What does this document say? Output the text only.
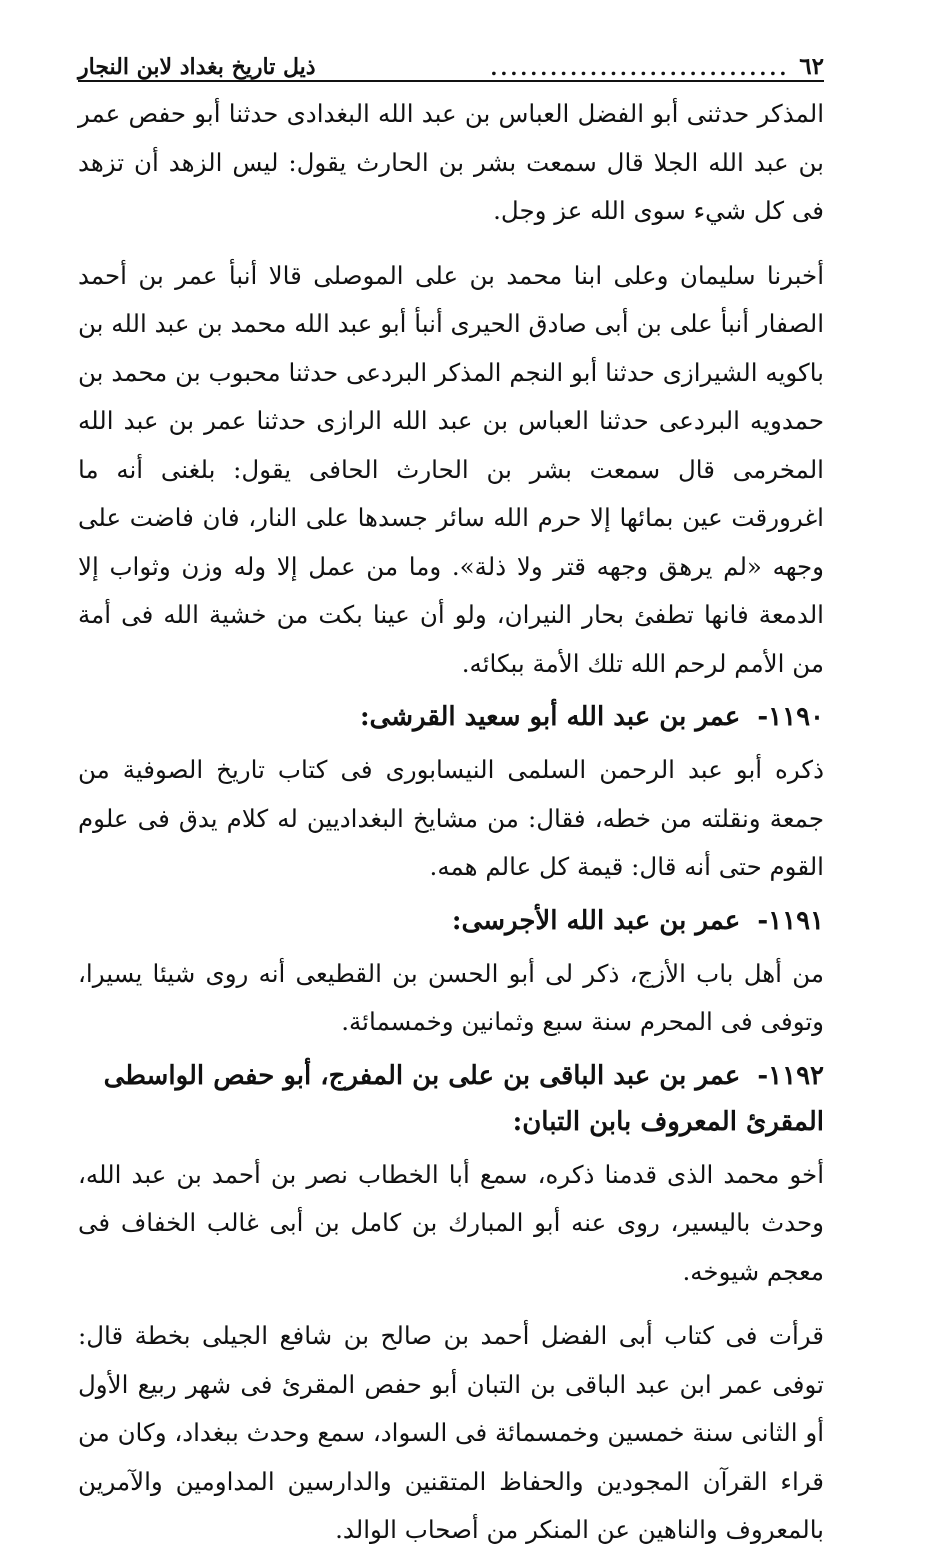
٦٢
..............................
ذيل تاريخ بغداد لابن النجار

المذكر حدثنى أبو الفضل العباس بن عبد الله البغدادى حدثنا أبو حفص عمر بن عبد الله الجلا قال سمعت بشر بن الحارث يقول: ليس الزهد أن تزهد فى كل شيء سوى الله عز وجل.

أخبرنا سليمان وعلى ابنا محمد بن على الموصلى قالا أنبأ عمر بن أحمد الصفار أنبأ على بن أبى صادق الحيرى أنبأ أبو عبد الله محمد بن عبد الله بن باكويه الشيرازى حدثنا أبو النجم المذكر البردعى حدثنا محبوب بن محمد بن حمدويه البردعى حدثنا العباس بن عبد الله الرازى حدثنا عمر بن عبد الله المخرمى قال سمعت بشر بن الحارث الحافى يقول: بلغنى أنه ما اغرورقت عين بمائها إلا حرم الله سائر جسدها على النار، فان فاضت على وجهه «لم يرهق وجهه قتر ولا ذلة». وما من عمل إلا وله وزن وثواب إلا الدمعة فانها تطفئ بحار النيران، ولو أن عينا بكت من خشية الله فى أمة من الأمم لرحم الله تلك الأمة ببكائه.

١١٩٠- عمر بن عبد الله أبو سعيد القرشى:

ذكره أبو عبد الرحمن السلمى النيسابورى فى كتاب تاريخ الصوفية من جمعة ونقلته من خطه، فقال: من مشايخ البغداديين له كلام يدق فى علوم القوم حتى أنه قال: قيمة كل عالم همه.

١١٩١- عمر بن عبد الله الأجرسى:

من أهل باب الأزج، ذكر لى أبو الحسن بن القطيعى أنه روى شيئا يسيرا، وتوفى فى المحرم سنة سبع وثمانين وخمسمائة.

١١٩٢- عمر بن عبد الباقى بن على بن المفرج، أبو حفص الواسطى المقرئ المعروف بابن التبان:

أخو محمد الذى قدمنا ذكره، سمع أبا الخطاب نصر بن أحمد بن عبد الله، وحدث باليسير، روى عنه أبو المبارك بن كامل بن أبى غالب الخفاف فى معجم شيوخه.

قرأت فى كتاب أبى الفضل أحمد بن صالح بن شافع الجيلى بخطة قال: توفى عمر ابن عبد الباقى بن التبان أبو حفص المقرئ فى شهر ربيع الأول أو الثانى سنة خمسين وخمسمائة فى السواد، سمع وحدث ببغداد، وكان من قراء القرآن المجودين والحفاظ المتقنين والدارسين المداومين والآمرين بالمعروف والناهين عن المنكر من أصحاب الوالد.
